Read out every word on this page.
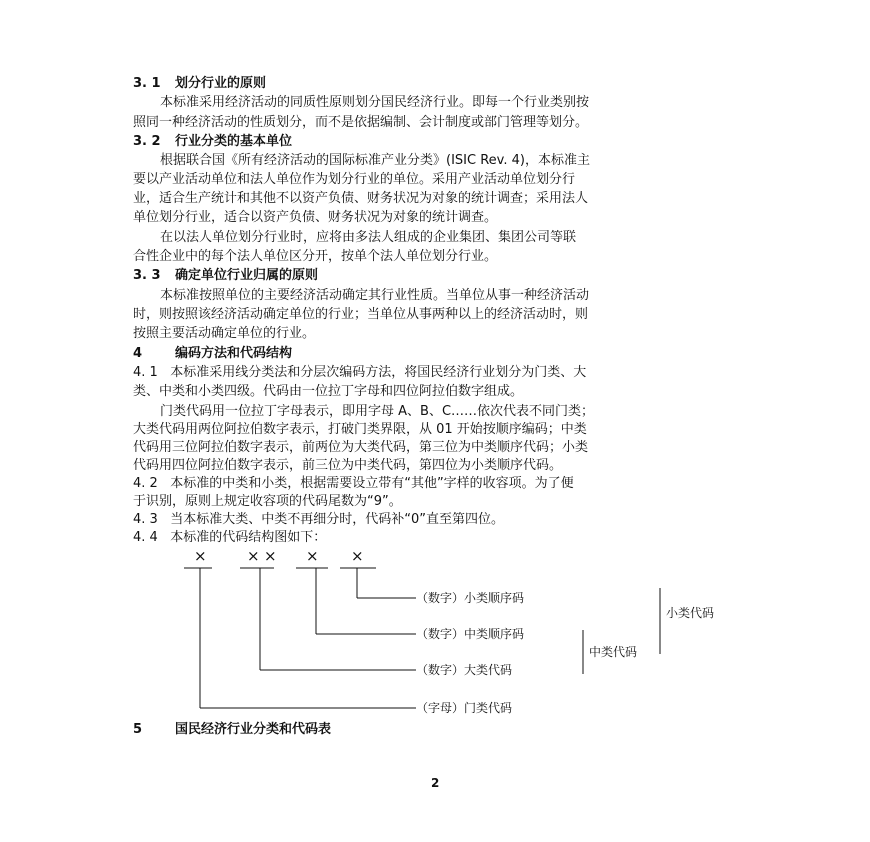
3. 1 划分行业的原则
本标准采用经济活动的同质性原则划分国民经济行业。即每一个行业类别按
照同一种经济活动的性质划分，而不是依据编制、会计制度或部门管理等划分。
3. 2 行业分类的基本单位
根据联合国《所有经济活动的国际标准产业分类》(ISIC Rev. 4)，本标准主
要以产业活动单位和法人单位作为划分行业的单位。采用产业活动单位划分行
业，适合生产统计和其他不以资产负债、财务状况为对象的统计调查；采用法人
单位划分行业，适合以资产负债、财务状况为对象的统计调查。
在以法人单位划分行业时，应将由多法人组成的企业集团、集团公司等联
合性企业中的每个法人单位区分开，按单个法人单位划分行业。
3. 3 确定单位行业归属的原则
本标准按照单位的主要经济活动确定其行业性质。当单位从事一种经济活动
时，则按照该经济活动确定单位的行业；当单位从事两种以上的经济活动时，则
按照主要活动确定单位的行业。
4	编码方法和代码结构
4. 1   本标准采用线分类法和分层次编码方法，将国民经济行业划分为门类、大
类、中类和小类四级。代码由一位拉丁字母和四位阿拉伯数字组成。
门类代码用一位拉丁字母表示，即用字母 A、B、C……依次代表不同门类；
大类代码用两位阿拉伯数字表示，打破门类界限，从 01 开始按顺序编码；中类
代码用三位阿拉伯数字表示，前两位为大类代码，第三位为中类顺序代码；小类
代码用四位阿拉伯数字表示，前三位为中类代码，第四位为小类顺序代码。
4. 2   本标准的中类和小类，根据需要设立带有“其他”字样的收容项。为了便
于识别，原则上规定收容项的代码尾数为“9”。
4. 3   当本标准大类、中类不再细分时，代码补“0”直至第四位。
4. 4   本标准的代码结构图如下：
×	× × × ×
（数字）小类顺序码
（数字）中类顺序码
（数字）大类代码
（字母）门类代码
中类代码
小类代码
5	国民经济行业分类和代码表
2
